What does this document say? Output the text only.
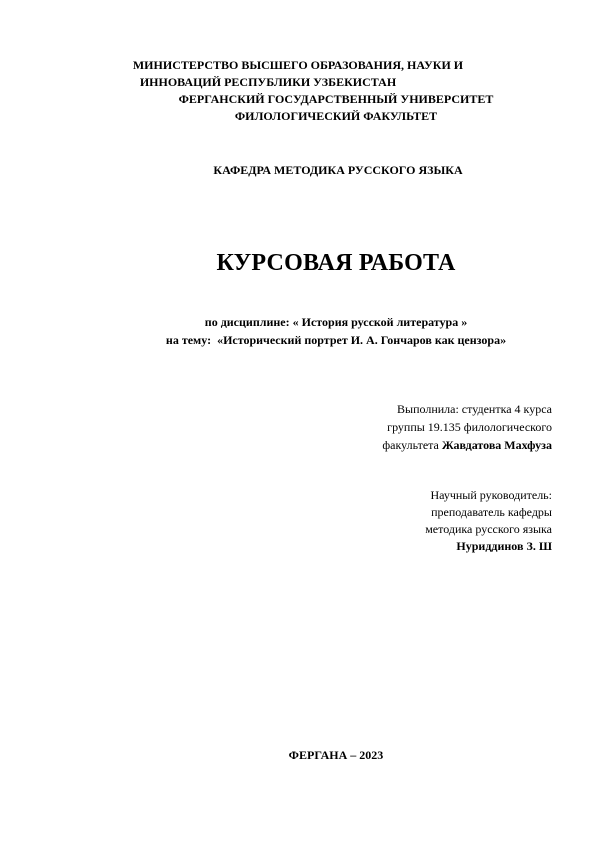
МИНИСТЕРСТВО ВЫСШЕГО ОБРАЗОВАНИЯ, НАУКИ И
ИННОВАЦИЙ РЕСПУБЛИКИ УЗБЕКИСТАН
ФЕРГАНСКИЙ ГОСУДАРСТВЕННЫЙ УНИВЕРСИТЕТ
ФИЛОЛОГИЧЕСКИЙ ФАКУЛЬТЕТ
КАФЕДРА МЕТОДИКА РУССКОГО ЯЗЫКА
КУРСОВАЯ РАБОТА
по дисциплине: « История русской литература »
на тему:  «Исторический портрет И. А. Гончаров как цензора»
Выполнила: студентка 4 курса
группы 19.135 филологического
факультета Жавдатова Махфуза
Научный руководитель:
преподаватель кафедры
методика русского языка
Нуриддинов З. Ш
ФЕРГАНА – 2023
